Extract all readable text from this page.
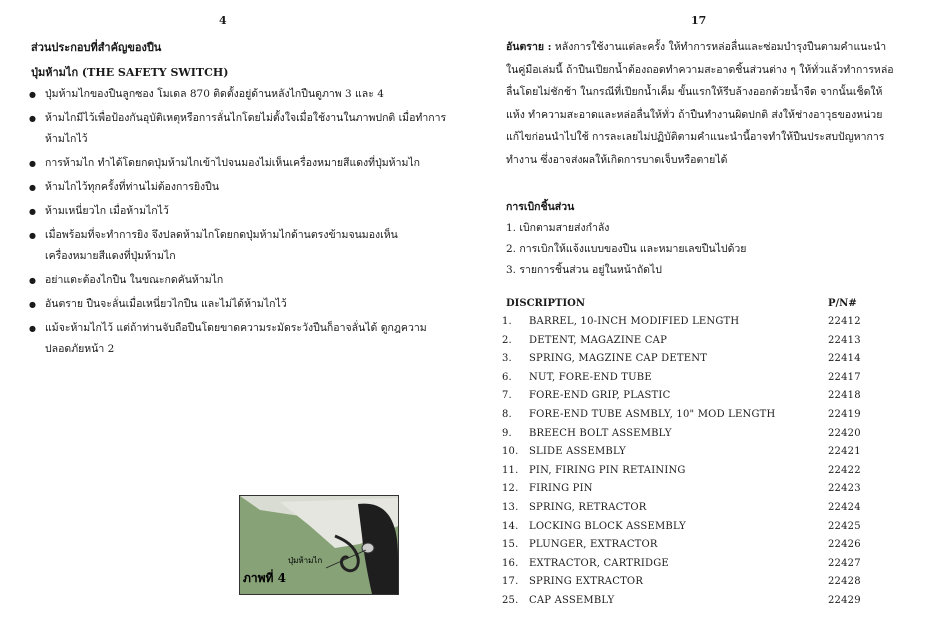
4
ส่วนประกอบที่สำคัญของปืน
ปุ่มห้ามไก (THE SAFETY SWITCH)
● ปุ่มห้ามไกของปืนลูกซอง โมเดล 870 ติดตั้งอยู่ด้านหลังไกปืนดูภาพ 3 และ 4
● ห้ามไกมีไว้เพื่อป้องกันอุบัติเหตุหรือการลั่นไกโดยไม่ตั้งใจเมื่อใช้งานในภาพปกติ เมื่อทำการห้ามไกไว้
● การห้ามไก ทำได้โดยกดปุ่มห้ามไกเข้าไปจนมองไม่เห็นเครื่องหมายสีแดงที่ปุ่มห้ามไก
● ห้ามไกไว้ทุกครั้งที่ท่านไม่ต้องการยิงปืน
● ห้ามเหนี่ยวไก เมื่อห้ามไกไว้
● เมื่อพร้อมที่จะทำการยิง จึงปลดห้ามไกโดยกดปุ่มห้ามไกด้านตรงข้ามจนมองเห็นเครื่องหมายสีแดงที่ปุ่มห้ามไก
● อย่าแตะต้องไกปืน ในขณะกดคันห้ามไก
● อันตราย ปืนจะลั่นเมื่อเหนี่ยวไกปืน และไม่ได้ห้ามไกไว้
● แม้จะห้ามไกไว้ แต่ถ้าท่านจับถือปืนโดยขาดความระมัดระวังปืนก็อาจลั่นได้ ดูกฎความปลอดภัยหน้า 2
ปุ่มห้ามไก
ภาพที่ 4
17
อันตราย : หลังการใช้งานแต่ละครั้ง ให้ทำการหล่อลื่นและซ่อมบำรุงปืนตามคำแนะนำในคู่มือเล่มนี้ ถ้าปืนเปียกน้ำต้องถอดทำความสะอาดชิ้นส่วนต่าง ๆ ให้ทั่วแล้วทำการหล่อลื่นโดยไม่ชักช้า ในกรณีที่เปียกน้ำเค็ม ขั้นแรกให้รีบล้างออกด้วยน้ำจืด จากนั้นเช็ดให้แห้ง ทำความสะอาดและหล่อลื่นให้ทั่ว ถ้าปืนทำงานผิดปกติ ส่งให้ช่างอาวุธของหน่วยแก้ไขก่อนนำไปใช้ การละเลยไม่ปฏิบัติตามคำแนะนำนี้อาจทำให้ปืนประสบปัญหาการทำงาน ซึ่งอาจส่งผลให้เกิดการบาดเจ็บหรือตายได้
การเบิกชิ้นส่วน
1. เบิกตามสายส่งกำลัง
2. การเบิกให้แจ้งแบบของปืน และหมายเลขปืนไปด้วย
3. รายการชิ้นส่วน อยู่ในหน้าถัดไป
DISCRIPTION	P/N#
1.	BARREL, 10-INCH MODIFIED LENGTH	22412
2.	DETENT, MAGAZINE CAP	22413
3.	SPRING, MAGZINE CAP DETENT	22414
6.	NUT, FORE-END TUBE	22417
7.	FORE-END GRIP, PLASTIC	22418
8.	FORE-END TUBE ASMBLY, 10" MOD LENGTH	22419
9.	BREECH BOLT ASSEMBLY	22420
10.	SLIDE ASSEMBLY	22421
11.	PIN, FIRING PIN RETAINING	22422
12.	FIRING PIN	22423
13.	SPRING, RETRACTOR	22424
14.	LOCKING BLOCK ASSEMBLY	22425
15.	PLUNGER, EXTRACTOR	22426
16.	EXTRACTOR, CARTRIDGE	22427
17.	SPRING EXTRACTOR	22428
25.	CAP ASSEMBLY	22429
